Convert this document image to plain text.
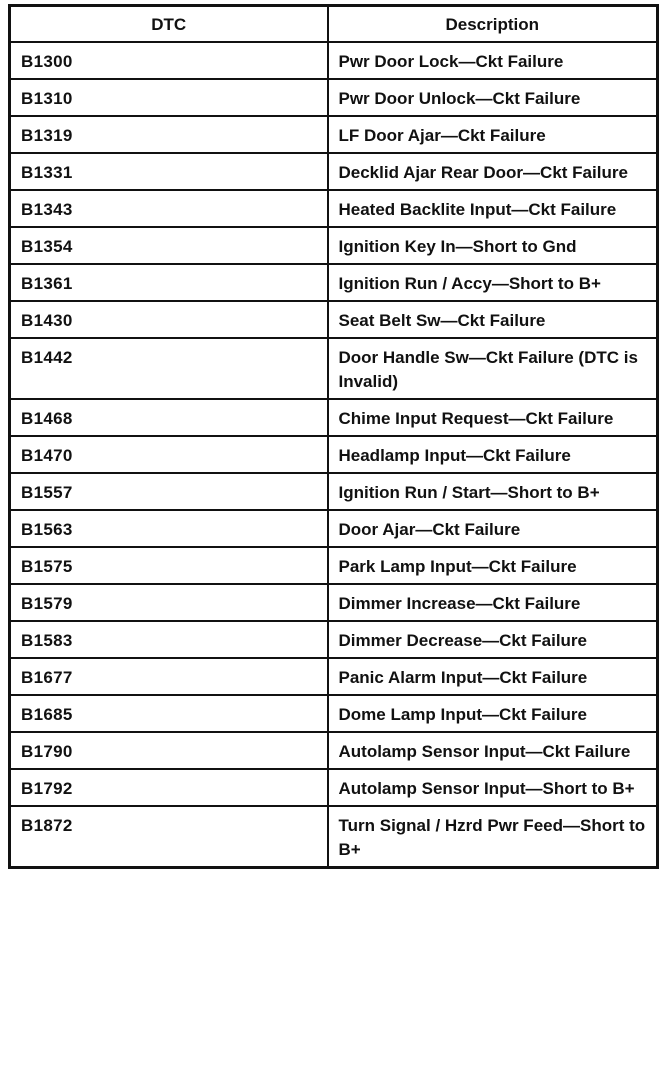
DTC	Description
B1300	Pwr Door Lock—Ckt Failure
B1310	Pwr Door Unlock—Ckt Failure
B1319	LF Door Ajar—Ckt Failure
B1331	Decklid Ajar Rear Door—Ckt Failure
B1343	Heated Backlite Input—Ckt Failure
B1354	Ignition Key In—Short to Gnd
B1361	Ignition Run / Accy—Short to B+
B1430	Seat Belt Sw—Ckt Failure
B1442	Door Handle Sw—Ckt Failure (DTC is Invalid)
B1468	Chime Input Request—Ckt Failure
B1470	Headlamp Input—Ckt Failure
B1557	Ignition Run / Start—Short to B+
B1563	Door Ajar—Ckt Failure
B1575	Park Lamp Input—Ckt Failure
B1579	Dimmer Increase—Ckt Failure
B1583	Dimmer Decrease—Ckt Failure
B1677	Panic Alarm Input—Ckt Failure
B1685	Dome Lamp Input—Ckt Failure
B1790	Autolamp Sensor Input—Ckt Failure
B1792	Autolamp Sensor Input—Short to B+
B1872	Turn Signal / Hzrd Pwr Feed—Short to B+
